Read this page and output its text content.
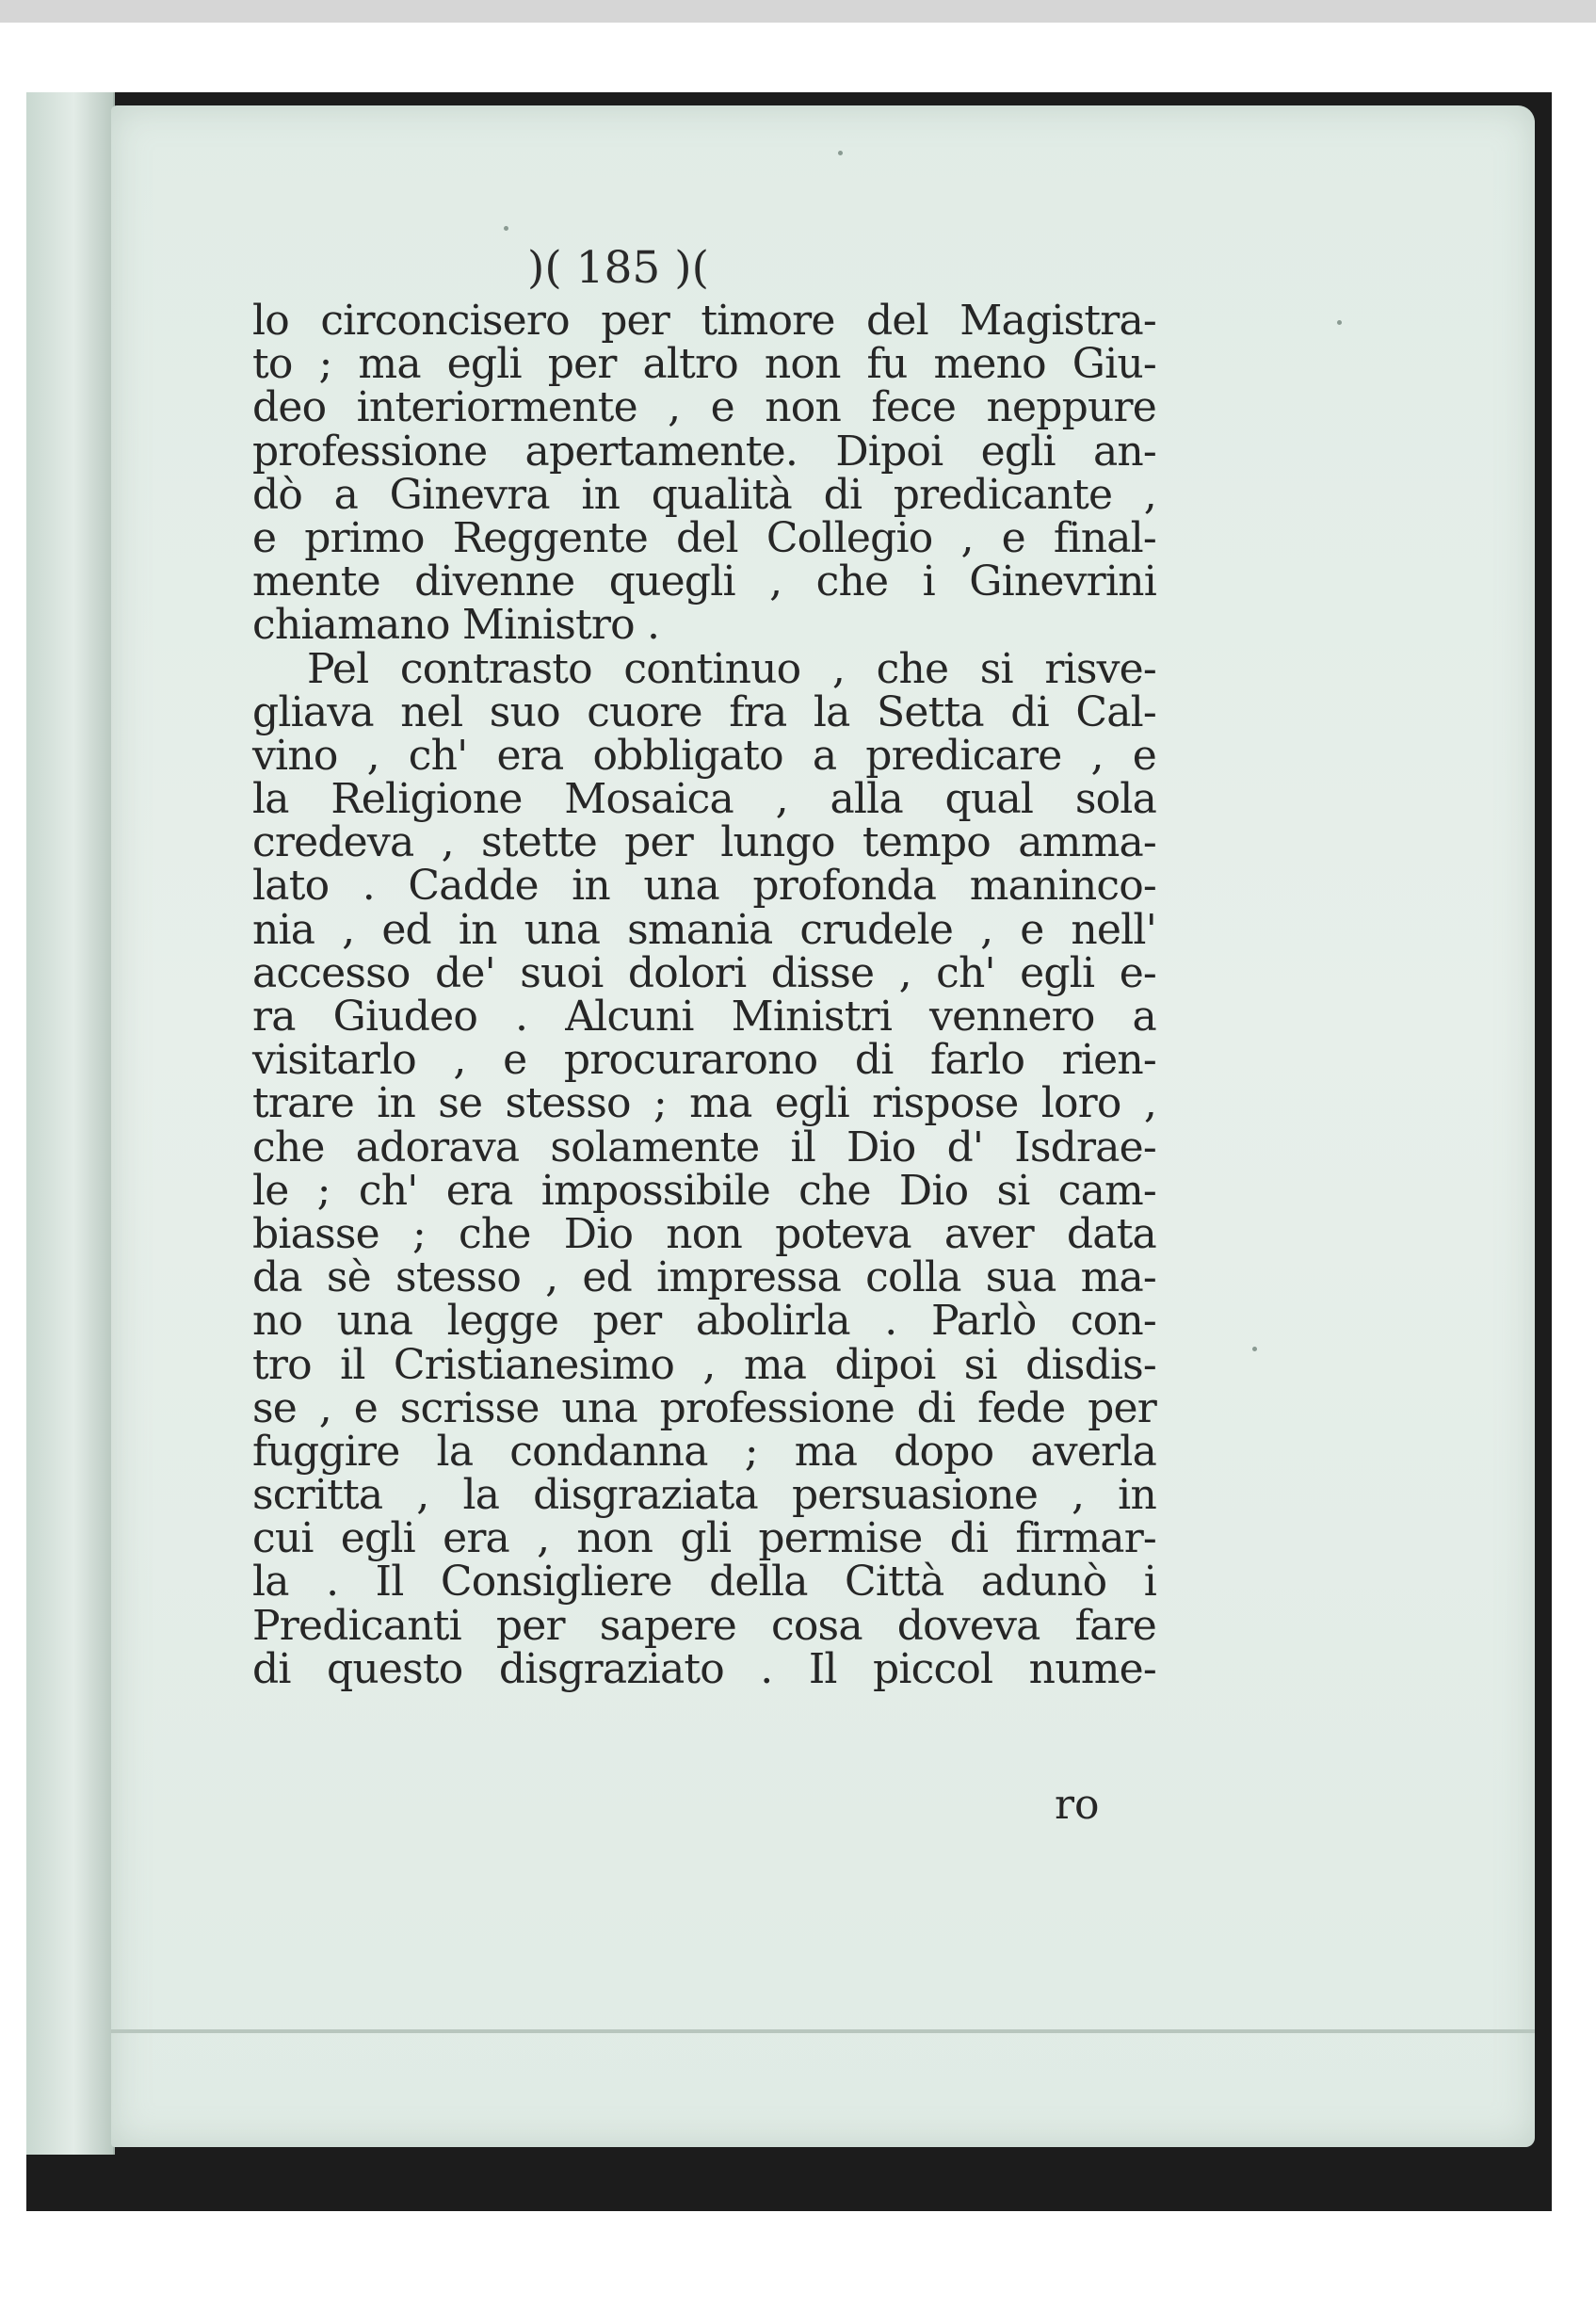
)( 185 )(
lo circoncisero per timore del Magistra-
to ; ma egli per altro non fu meno Giu-
deo interiormente , e non fece neppure
professione apertamente. Dipoi egli an-
dò a Ginevra in qualità di predicante ,
e primo Reggente del Collegio , e final-
mente divenne quegli , che i Ginevrini
chiamano Ministro .
Pel contrasto continuo , che si risve-
gliava nel suo cuore fra la Setta di Cal-
vino , ch' era obbligato a predicare , e
la Religione Mosaica , alla qual sola
credeva , stette per lungo tempo amma-
lato . Cadde in una profonda maninco-
nia , ed in una smania crudele , e nell'
accesso de' suoi dolori disse , ch' egli e-
ra Giudeo . Alcuni Ministri vennero a
visitarlo , e procurarono di farlo rien-
trare in se stesso ; ma egli rispose loro ,
che adorava solamente il Dio d' Isdrae-
le ; ch' era impossibile che Dio si cam-
biasse ; che Dio non poteva aver data
da sè stesso , ed impressa colla sua ma-
no una legge per abolirla . Parlò con-
tro il Cristianesimo , ma dipoi si disdis-
se , e scrisse una professione di fede per
fuggire la condanna ; ma dopo averla
scritta , la disgraziata persuasione , in
cui egli era , non gli permise di firmar-
la . Il Consigliere della Città adunò i
Predicanti per sapere cosa doveva fare
di questo disgraziato . Il piccol nume-
ro
